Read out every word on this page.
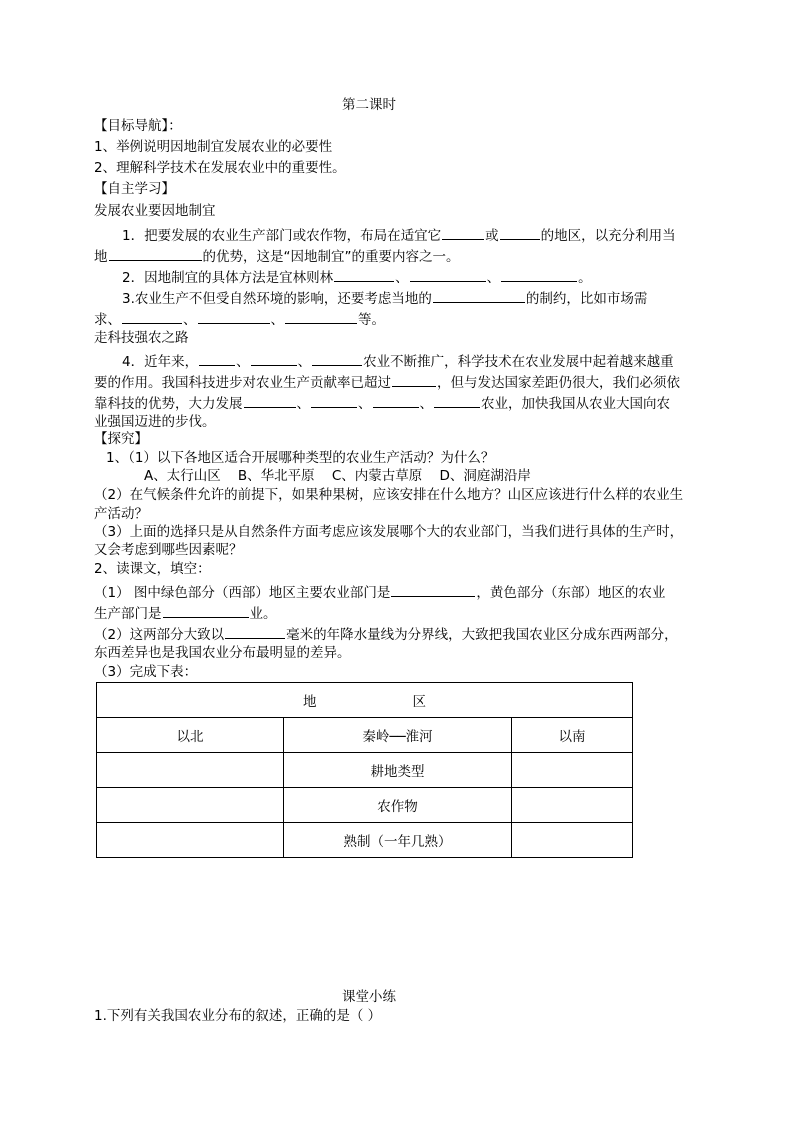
第二课时
【目标导航】：
1、举例说明因地制宜发展农业的必要性
2、理解科学技术在发展农业中的重要性。
【自主学习】
发展农业要因地制宜
1．把要发展的农业生产部门或农作物，布局在适宜它	或	的地区，以充分利用当
地	的优势，这是“因地制宜”的重要内容之一。
2．因地制宜的具体方法是宜林则林	、	、	。
3.农业生产不但受自然环境的影响，还要考虑当地的	的制约，比如市场需
求、	、	、	等。
走科技强农之路
4．近年来，	、	、	农业不断推广，科学技术在农业发展中起着越来越重
要的作用。我国科技进步对农业生产贡献率已超过	，但与发达国家差距仍很大，我们必须依
靠科技的优势，大力发展	、	、	、	农业，加快我国从农业大国向农
业强国迈进的步伐。
【探究】
1、（1）以下各地区适合开展哪种类型的农业生产活动？为什么？
A、太行山区 B、华北平原 C、内蒙古草原 D、洞庭湖沿岸
（2）在气候条件允许的前提下，如果种果树，应该安排在什么地方？山区应该进行什么样的农业生
产活动？
（3）上面的选择只是从自然条件方面考虑应该发展哪个大的农业部门，当我们进行具体的生产时，
又会考虑到哪些因素呢？
2、读课文，填空：
（1） 图中绿色部分（西部）地区主要农业部门是	，黄色部分（东部）地区的农业
生产部门是	业。
（2）这两部分大致以	毫米的年降水量线为分界线，大致把我国农业区分成东西两部分，
东西差异也是我国农业分布最明显的差异。
（3）完成下表：
地 区		
以北	秦岭──淮河	以南
	耕地类型	
	农作物	
	熟制（一年几熟）	
课堂小练
1.下列有关我国农业分布的叙述，正确的是（ ）
